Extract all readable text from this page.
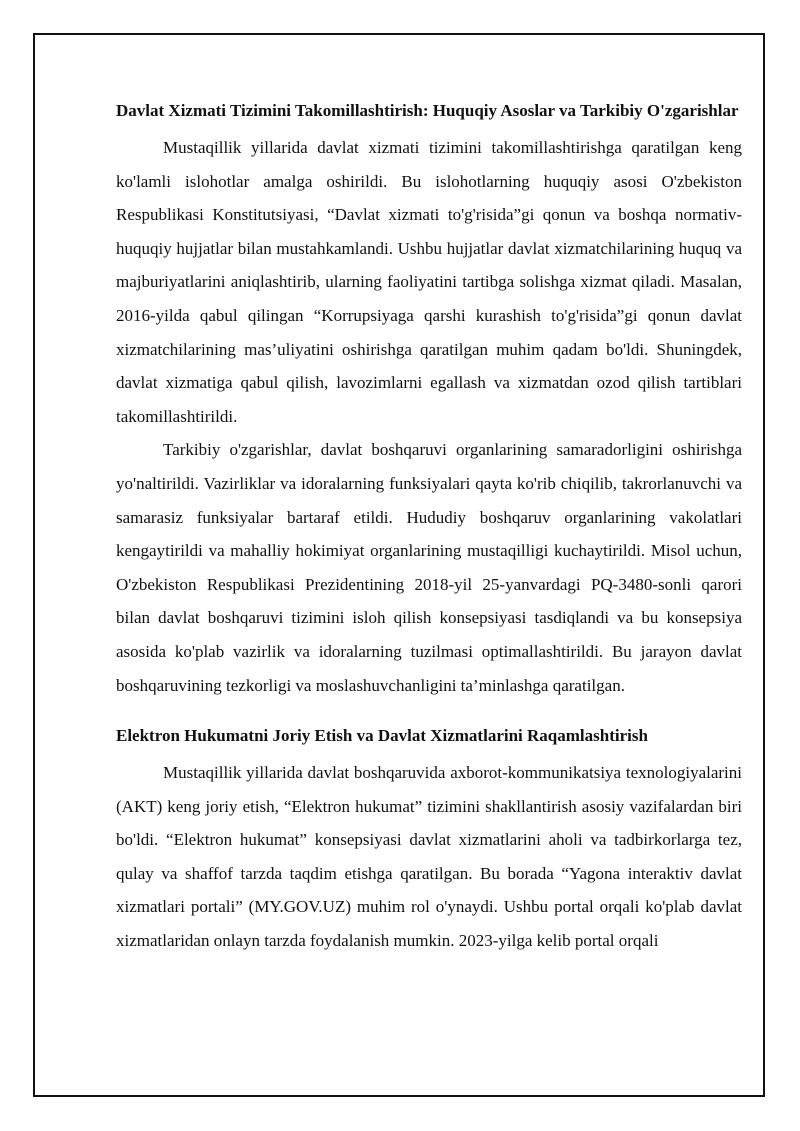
Davlat Xizmati Tizimini Takomillashtirish: Huquqiy Asoslar va Tarkibiy O'zgarishlar

Mustaqillik yillarida davlat xizmati tizimini takomillashtirishga qaratilgan keng ko'lamli islohotlar amalga oshirildi. Bu islohotlarning huquqiy asosi O'zbekiston Respublikasi Konstitutsiyasi, “Davlat xizmati to'g'risida”gi qonun va boshqa normativ-huquqiy hujjatlar bilan mustahkamlandi. Ushbu hujjatlar davlat xizmatchilarining huquq va majburiyatlarini aniqlashtirib, ularning faoliyatini tartibga solishga xizmat qiladi. Masalan, 2016-yilda qabul qilingan “Korrupsiyaga qarshi kurashish to'g'risida”gi qonun davlat xizmatchilarining mas’uliyatini oshirishga qaratilgan muhim qadam bo'ldi. Shuningdek, davlat xizmatiga qabul qilish, lavozimlarni egallash va xizmatdan ozod qilish tartiblari takomillashtirildi.

Tarkibiy o'zgarishlar, davlat boshqaruvi organlarining samaradorligini oshirishga yo'naltirildi. Vazirliklar va idoralarning funksiyalari qayta ko'rib chiqilib, takrorlanuvchi va samarasiz funksiyalar bartaraf etildi. Hududiy boshqaruv organlarining vakolatlari kengaytirildi va mahalliy hokimiyat organlarining mustaqilligi kuchaytirildi. Misol uchun, O'zbekiston Respublikasi Prezidentining 2018-yil 25-yanvardagi PQ-3480-sonli qarori bilan davlat boshqaruvi tizimini isloh qilish konsepsiyasi tasdiqlandi va bu konsepsiya asosida ko'plab vazirlik va idoralarning tuzilmasi optimallashtirildi. Bu jarayon davlat boshqaruvining tezkorligi va moslashuvchanligini ta’minlashga qaratilgan.

Elektron Hukumatni Joriy Etish va Davlat Xizmatlarini Raqamlashtirish

Mustaqillik yillarida davlat boshqaruvida axborot-kommunikatsiya texnologiyalarini (AKT) keng joriy etish, “Elektron hukumat” tizimini shakllantirish asosiy vazifalardan biri bo'ldi. “Elektron hukumat” konsepsiyasi davlat xizmatlarini aholi va tadbirkorlarga tez, qulay va shaffof tarzda taqdim etishga qaratilgan. Bu borada “Yagona interaktiv davlat xizmatlari portali” (MY.GOV.UZ) muhim rol o'ynaydi. Ushbu portal orqali ko'plab davlat xizmatlaridan onlayn tarzda foydalanish mumkin. 2023-yilga kelib portal orqali
